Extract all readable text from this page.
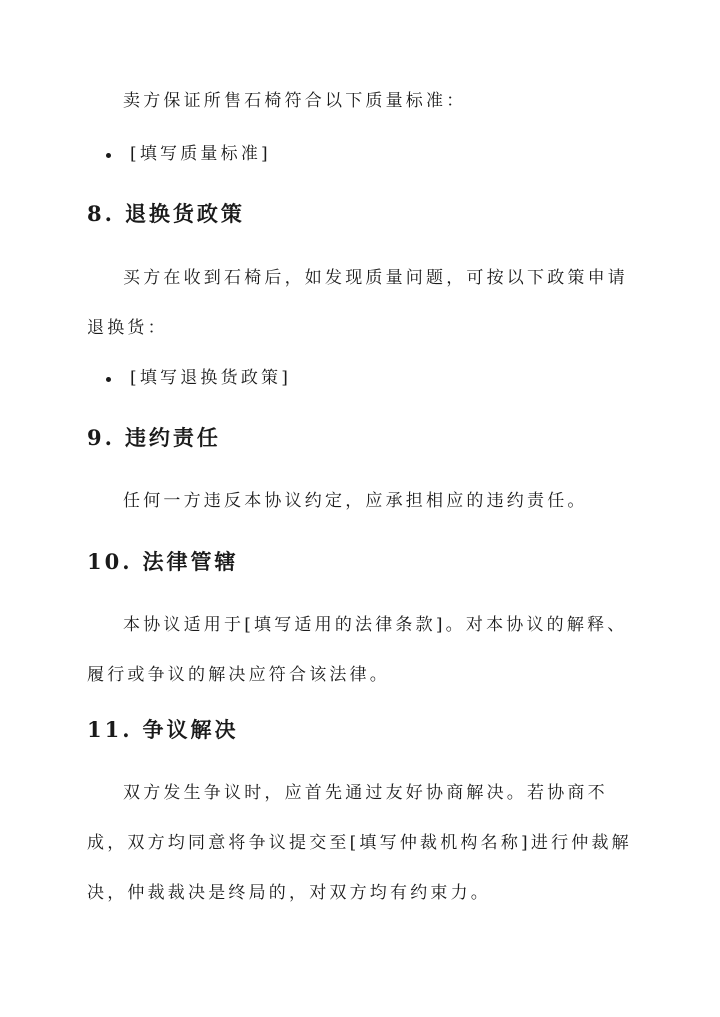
卖方保证所售石椅符合以下质量标准：

[填写质量标准]
8. 退换货政策

买方在收到石椅后，如发现质量问题，可按以下政策申请退换货：

[填写退换货政策]
9. 违约责任

任何一方违反本协议约定，应承担相应的违约责任。

10. 法律管辖

本协议适用于[填写适用的法律条款]。对本协议的解释、履行或争议的解决应符合该法律。

11. 争议解决

双方发生争议时，应首先通过友好协商解决。若协商不成，双方均同意将争议提交至[填写仲裁机构名称]进行仲裁解决，仲裁裁决是终局的，对双方均有约束力。
